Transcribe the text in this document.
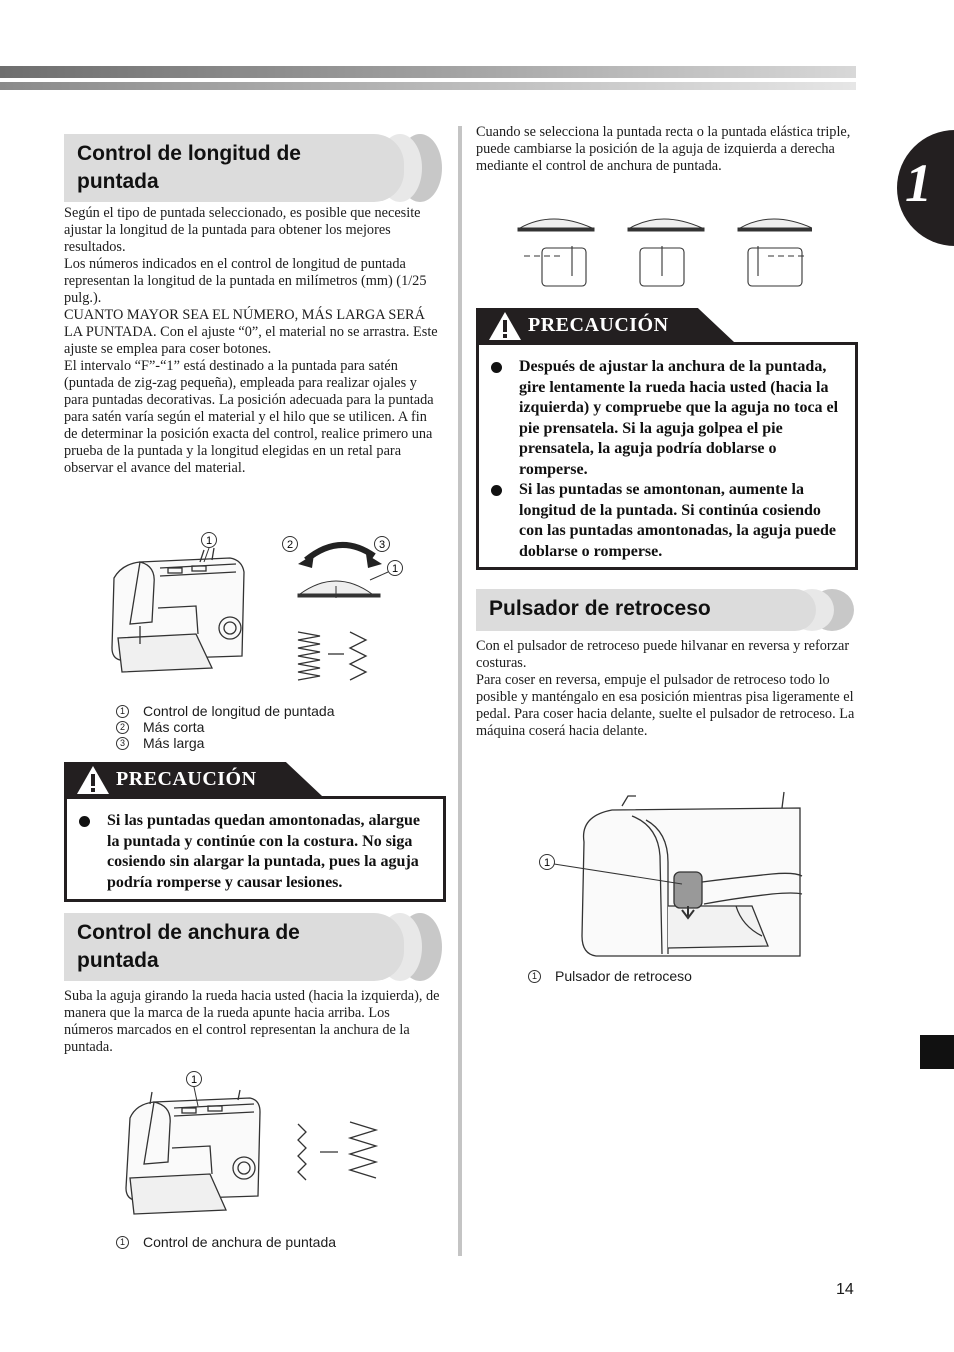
1
Control de longitud de puntada

Según el tipo de puntada seleccionado, es posible que necesite ajustar la longitud de la puntada para obtener los mejores resultados.

Los números indicados en el control de longitud de puntada representan la longitud de la puntada en milímetros (mm) (1/25 pulg.).

CUANTO MAYOR SEA EL NÚMERO, MÁS LARGA SERÁ LA PUNTADA. Con el ajuste “0”, el material no se arrastra. Este ajuste se emplea para coser botones.

El intervalo “F”-“1” está destinado a la puntada para satén (puntada de zig-zag pequeña), empleada para realizar ojales y para puntadas decorativas. La posición adecuada para la puntada para satén varía según el material y el hilo que se utilicen. A fin de determinar la posición exacta del control, realice primero una prueba de la puntada y la longitud elegidas en un retal para observar el avance del material.

1	2	3
1
1 Control de longitud de puntada
2 Más corta
3 Más larga
PRECAUCIÓN
Si las puntadas quedan amontonadas, alargue la puntada y continúe con la costura. No siga cosiendo sin alargar la puntada, pues la aguja podría romperse y causar lesiones.
Control de anchura de puntada

Suba la aguja girando la rueda hacia usted (hacia la izquierda), de manera que la marca de la rueda apunte hacia arriba. Los números marcados en el control representan la anchura de la puntada.

1
1 Control de anchura de puntada

Cuando se selecciona la puntada recta o la puntada elástica triple, puede cambiarse la posición de la aguja de izquierda a derecha mediante el control de anchura de puntada.

PRECAUCIÓN
Después de ajustar la anchura de la puntada, gire lentamente la rueda hacia usted (hacia la izquierda) y compruebe que la aguja no toca el pie prensatela. Si la aguja golpea el pie prensatela, la aguja podría doblarse o romperse.
Si las puntadas se amontonan, aumente la longitud de la puntada. Si continúa cosiendo con las puntadas amontonadas, la aguja puede doblarse o romperse.
Pulsador de retroceso

Con el pulsador de retroceso puede hilvanar en reversa y reforzar costuras.

Para coser en reversa, empuje el pulsador de retroceso todo lo posible y manténgalo en esa posición mientras pisa ligeramente el pedal. Para coser hacia delante, suelte el pulsador de retroceso. La máquina coserá hacia delante.

1
1 Pulsador de retroceso
14
